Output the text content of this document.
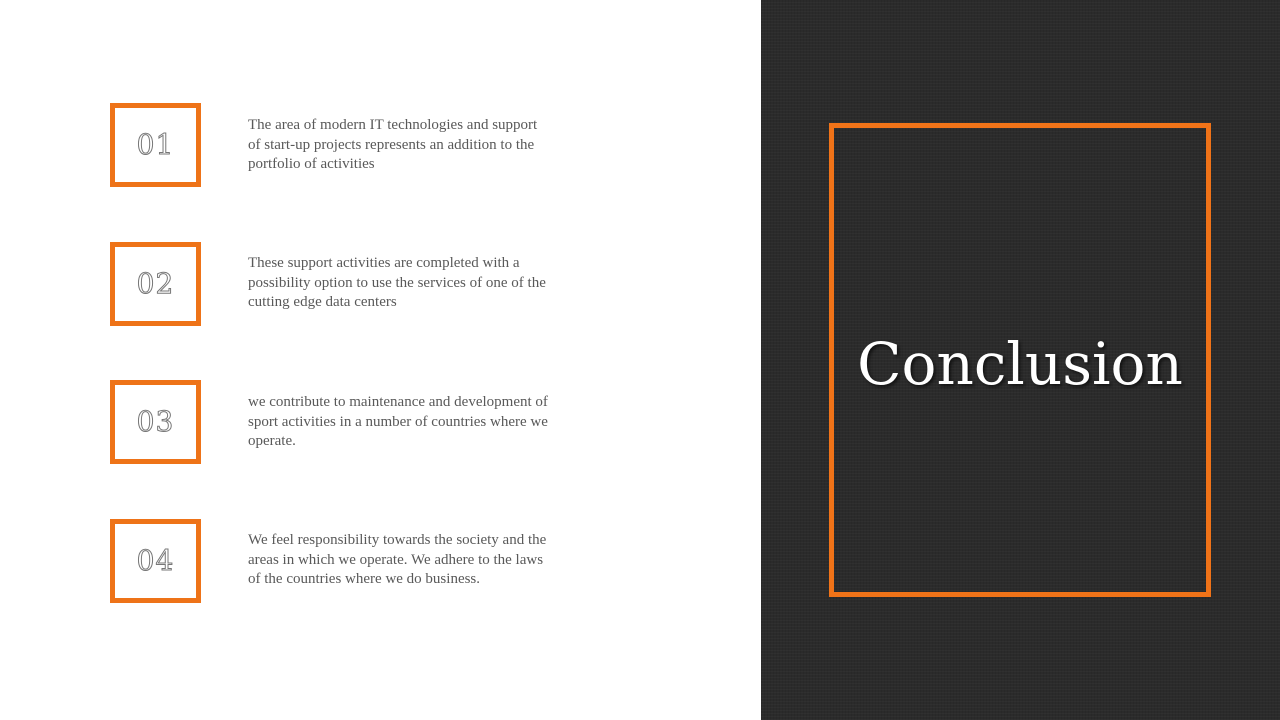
01
The area of modern IT technologies and support of start-up projects represents an addition to the portfolio of activities
02
These support activities are completed with a possibility option to use the services of one of the cutting edge data centers
03
we contribute to maintenance and development of sport activities in a number of countries where we operate.
04
We feel responsibility towards the society and the areas in which we operate. We adhere to the laws of the countries where we do business.
Conclusion
